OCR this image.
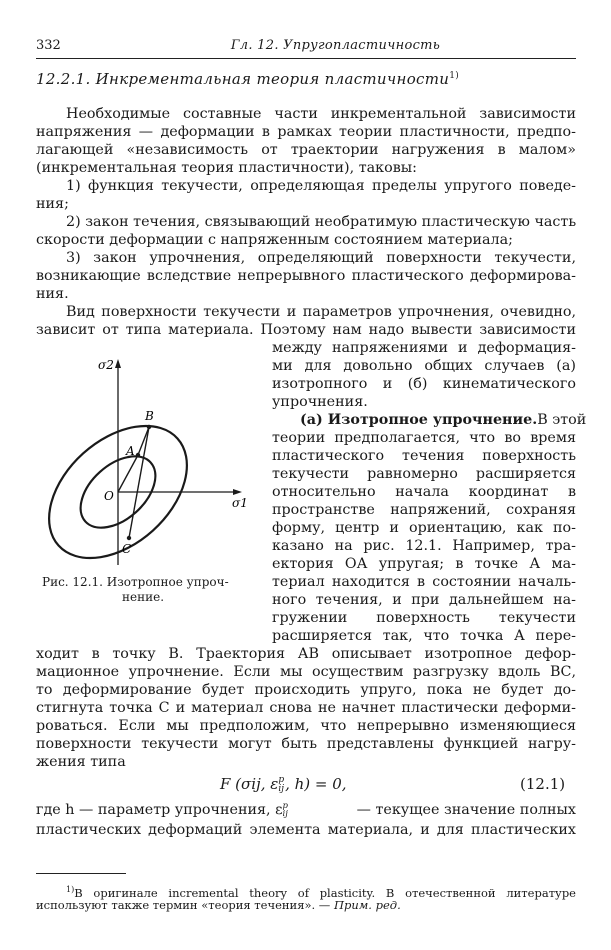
332	Гл. 12. Упругопластичность
12.2.1. Инкрементальная теория пластичности$^{1)}$
Необходимые составные части инкрементальной зависимости
напряжения — деформации в рамках теории пластичности, предпо-
лагающей «независимость от траектории нагружения в малом»
(инкрементальная теория пластичности), таковы:
1) функция текучести, определяющая пределы упругого поведе-
ния;
2) закон течения, связывающий необратимую пластическую часть
скорости деформации с напряженным состоянием материала;
3) закон упрочнения, определяющий поверхности текучести,
возникающие вследствие непрерывного пластического деформирова-
ния.
Вид поверхности текучести и параметров упрочнения, очевидно,
зависит от типа материала. Поэтому нам надо вывести зависимости
между напряжениями и деформация-
ми для довольно общих случаев (а)
изотропного и (б) кинематического
упрочнения.
(а) Изотропное упрочнение. В этой
теории предполагается, что во время
пластического течения поверхность
текучести равномерно расширяется
относительно начала координат в
пространстве напряжений, сохраняя
форму, центр и ориентацию, как по-
казано на рис. 12.1. Например, тра-
ектория ОА упругая; в точке А ма-
териал находится в состоянии началь-
ного течения, и при дальнейшем на-
гружении поверхность текучести
расширяется так, что точка А пере-
σ2
σ1
O
A
B
C
Рис. 12.1. Изотропное упроч-
нение.
ходит в точку В. Траектория АВ описывает изотропное дефор-
мационное упрочнение. Если мы осуществим разгрузку вдоль ВС,
то деформирование будет происходить упруго, пока не будет до-
стигнута точка С и материал снова не начнет пластически деформи-
роваться. Если мы предположим, что непрерывно изменяющиеся
поверхности текучести могут быть представлены функцией нагру-
жения типа
F (σij, ε p
ij , h) = 0,	(12.1)
где h — параметр упрочнения, ε p
ij	— текущее значение полных
пластических деформаций элемента материала, и для пластических
$^{1)}$В оригинале incremental theory of plasticity. В отечественной литературе
используют также термин «теория течения». — Прим. ред.
